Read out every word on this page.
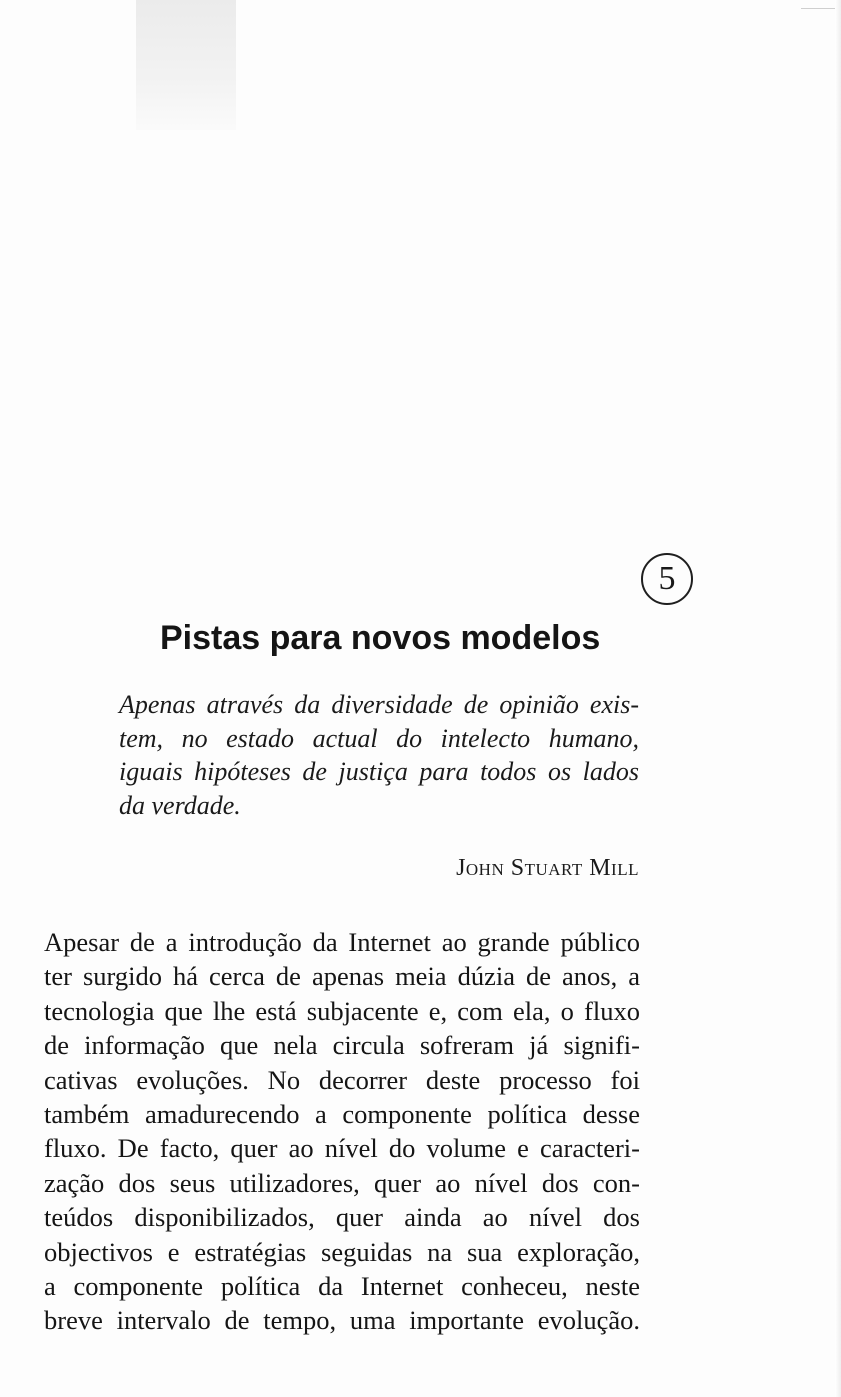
5
Pistas para novos modelos
Apenas através da diversidade de opinião exis-
tem, no estado actual do intelecto humano,
iguais hipóteses de justiça para todos os lados
da verdade.

John Stuart Mill

Apesar de a introdução da Internet ao grande público
ter surgido há cerca de apenas meia dúzia de anos, a
tecnologia que lhe está subjacente e, com ela, o fluxo
de informação que nela circula sofreram já signifi-
cativas evoluções. No decorrer deste processo foi
também amadurecendo a componente política desse
fluxo. De facto, quer ao nível do volume e caracteri-
zação dos seus utilizadores, quer ao nível dos con-
teúdos disponibilizados, quer ainda ao nível dos
objectivos e estratégias seguidas na sua exploração,
a componente política da Internet conheceu, neste
breve intervalo de tempo, uma importante evolução.
